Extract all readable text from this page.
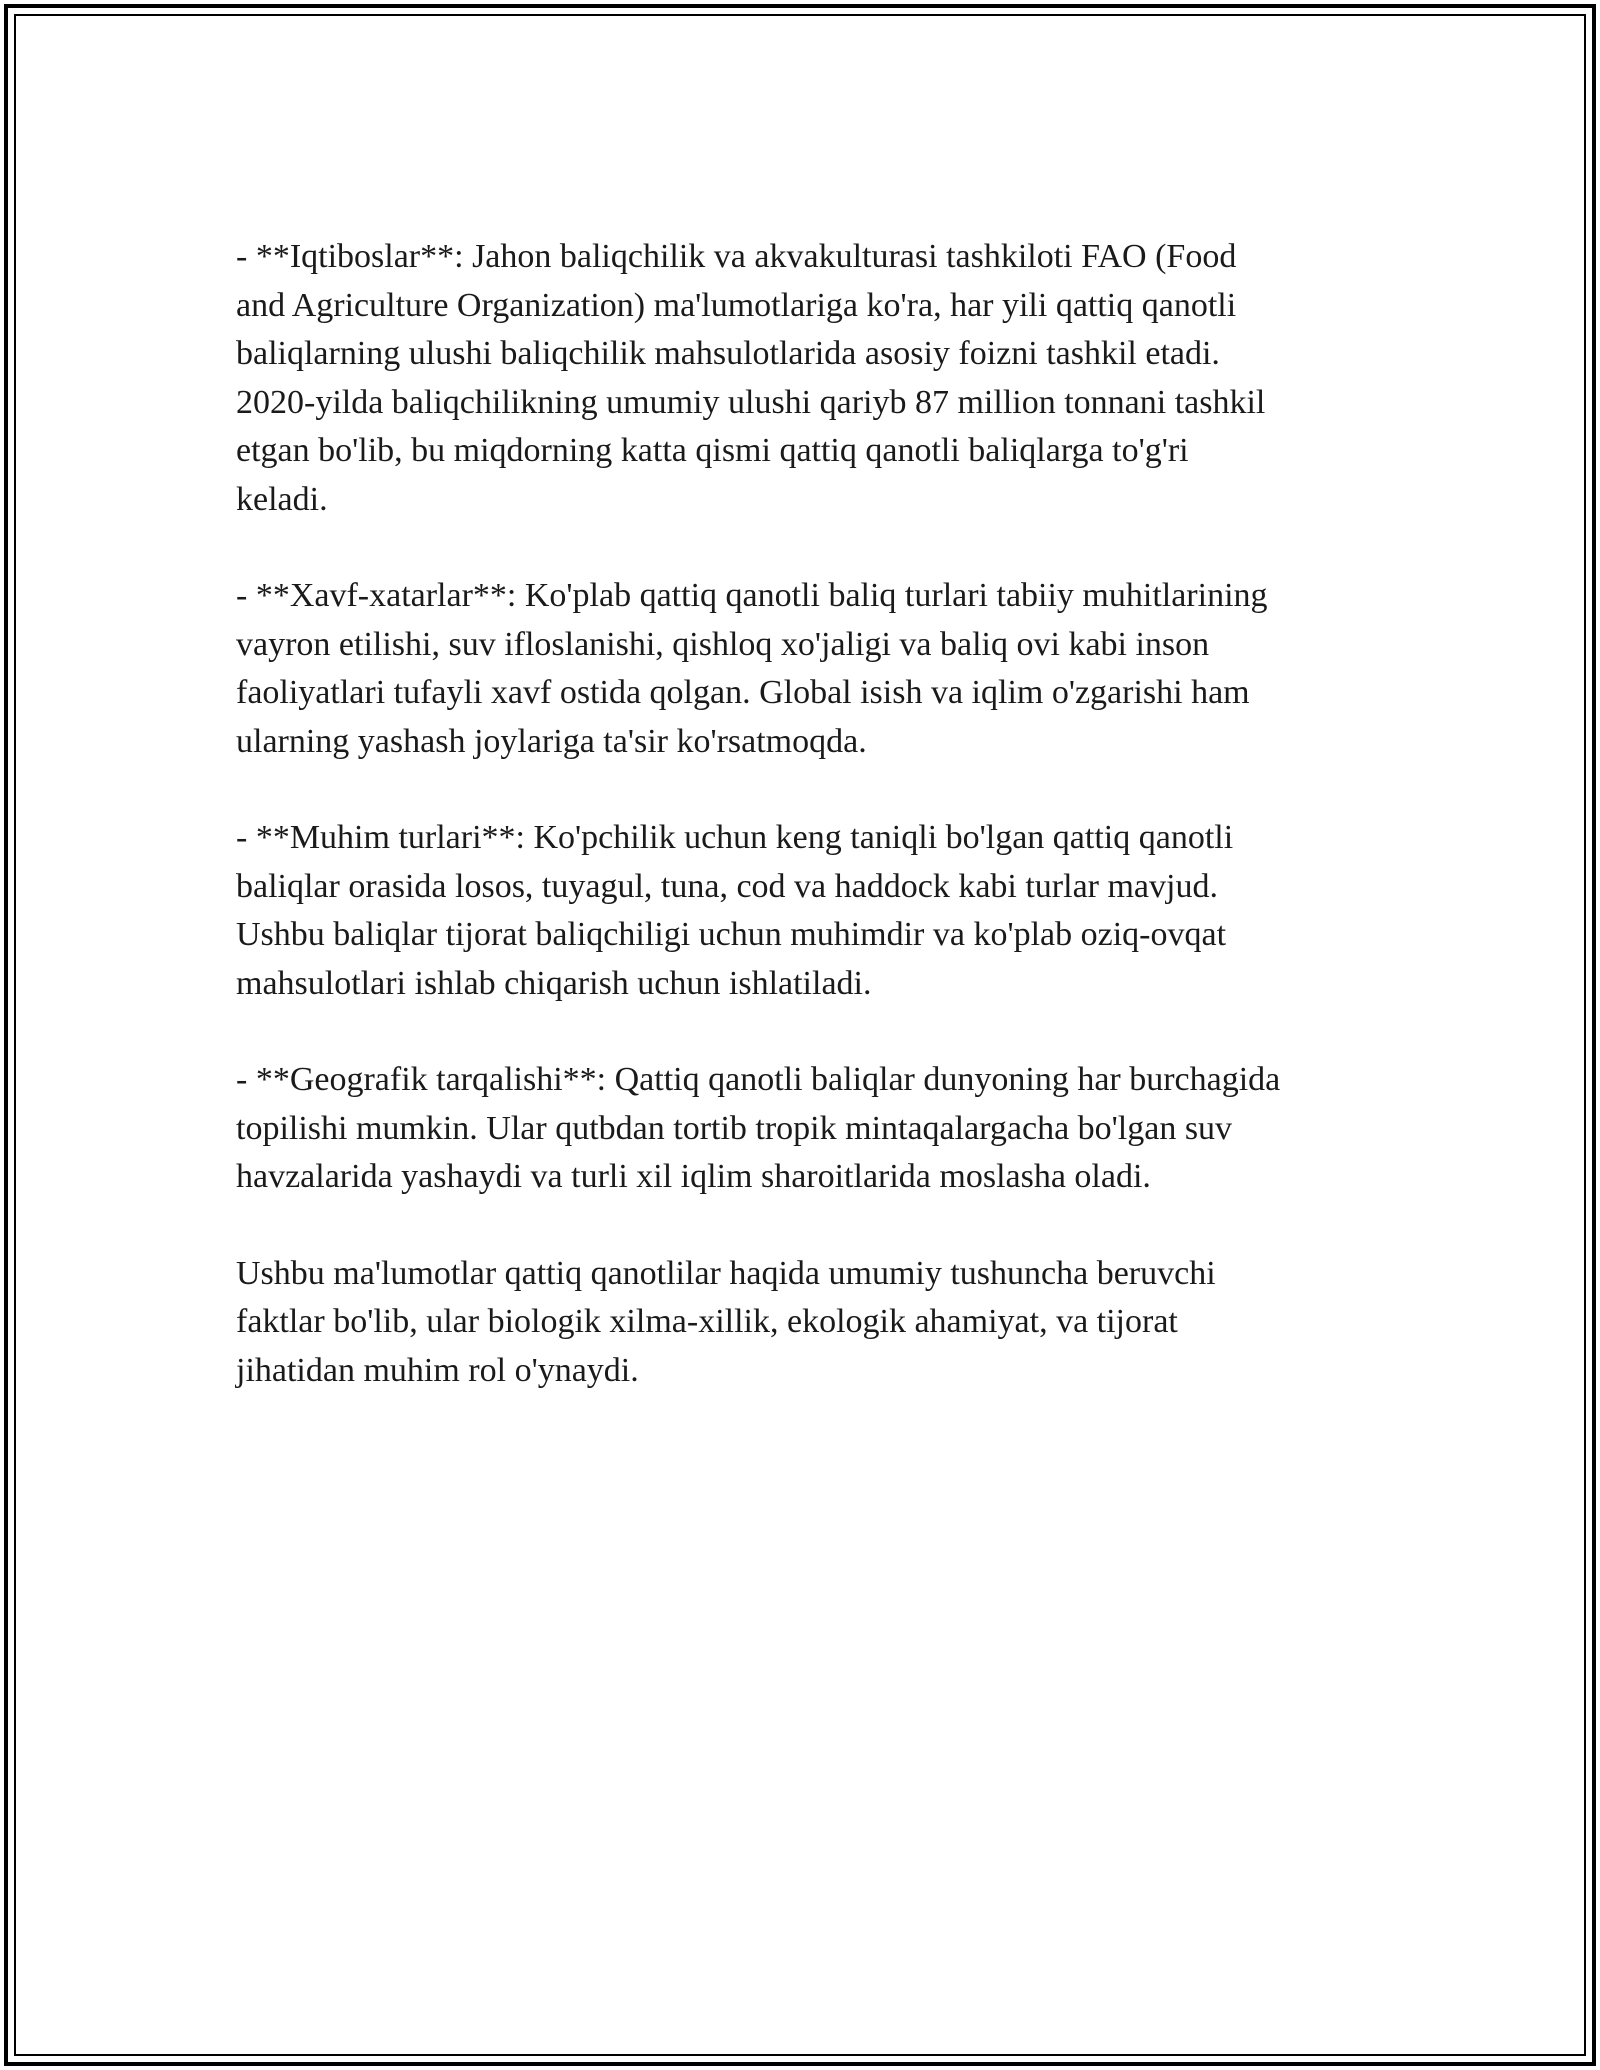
- **Iqtiboslar**: Jahon baliqchilik va akvakulturasi tashkiloti FAO (Food
and Agriculture Organization) ma'lumotlariga ko'ra, har yili qattiq qanotli
baliqlarning ulushi baliqchilik mahsulotlarida asosiy foizni tashkil etadi.
2020-yilda baliqchilikning umumiy ulushi qariyb 87 million tonnani tashkil
etgan bo'lib, bu miqdorning katta qismi qattiq qanotli baliqlarga to'g'ri
keladi.

- **Xavf-xatarlar**: Ko'plab qattiq qanotli baliq turlari tabiiy muhitlarining
vayron etilishi, suv ifloslanishi, qishloq xo'jaligi va baliq ovi kabi inson
faoliyatlari tufayli xavf ostida qolgan. Global isish va iqlim o'zgarishi ham
ularning yashash joylariga ta'sir ko'rsatmoqda.

- **Muhim turlari**: Ko'pchilik uchun keng taniqli bo'lgan qattiq qanotli
baliqlar orasida losos, tuyagul, tuna, cod va haddock kabi turlar mavjud.
Ushbu baliqlar tijorat baliqchiligi uchun muhimdir va ko'plab oziq-ovqat
mahsulotlari ishlab chiqarish uchun ishlatiladi.

- **Geografik tarqalishi**: Qattiq qanotli baliqlar dunyoning har burchagida
topilishi mumkin. Ular qutbdan tortib tropik mintaqalargacha bo'lgan suv
havzalarida yashaydi va turli xil iqlim sharoitlarida moslasha oladi.

Ushbu ma'lumotlar qattiq qanotlilar haqida umumiy tushuncha beruvchi
faktlar bo'lib, ular biologik xilma-xillik, ekologik ahamiyat, va tijorat
jihatidan muhim rol o'ynaydi.
